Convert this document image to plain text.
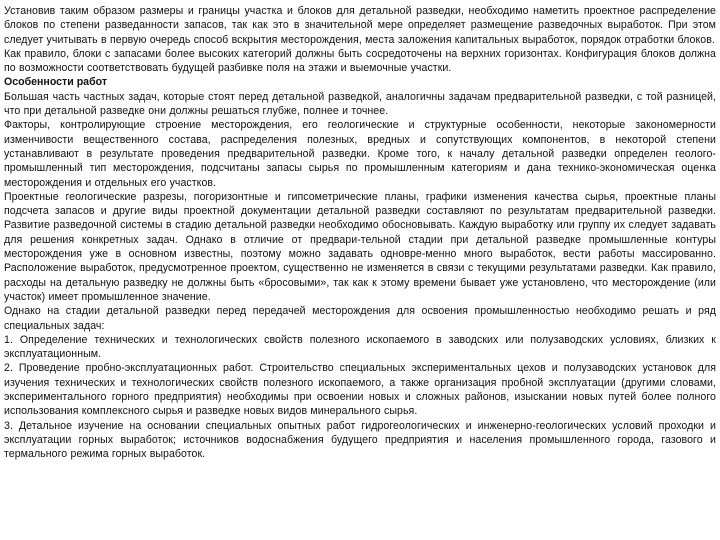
Установив таким образом размеры и границы участка и блоков для детальной разведки, необходимо наметить проектное распределение блоков по степени разведанности запасов, так как это в значительной мере определяет размещение разведочных выработок. При этом следует учитывать в первую очередь способ вскрытия месторождения, места заложения капитальных выработок, порядок отработки блоков.

Как правило, блоки с запасами более высоких категорий должны быть сосредоточены на верхних горизонтах. Конфигурация блоков должна по возможности соответствовать будущей разбивке поля на этажи и выемочные участки.

Особенности работ

Большая часть частных задач, которые стоят перед детальной разведкой, аналогичны задачам предварительной разведки, с той разницей, что при детальной разведке они должны решаться глубже, полнее и точнее.

Факторы, контролирующие строение месторождения, его геологические и структурные особенности, некоторые закономерности изменчивости вещественного состава, распределения полезных, вредных и сопутствующих компонентов, в некоторой степени устанавливают в результате проведения предварительной разведки. Кроме того, к началу детальной разведки определен геолого-промышленный тип месторождения, подсчитаны запасы сырья по промышленным категориям и дана технико-экономическая оценка месторождения и отдельных его участков.

Проектные геологические разрезы, погоризонтные и гипсометрические планы, графики изменения качества сырья, проектные планы подсчета запасов и другие виды проектной документации детальной разведки составляют по результатам предварительной разведки. Развитие разведочной системы в стадию детальной разведки необходимо обосновывать. Каждую выработку или группу их следует задавать для решения конкретных задач. Однако в отличие от предвари-тельной стадии при детальной разведке промышленные контуры месторождения уже в основном известны, поэтому можно задавать одновре-менно много выработок, вести работы массированно. Расположение выработок, предусмотренное проектом, существенно не изменяется в связи с текущими результатами разведки. Как правило, расходы на детальную разведку не должны быть «бросовыми», так как к этому времени бывает уже установлено, что месторождение (или участок) имеет промышленное значение.

Однако на стадии детальной разведки перед передачей месторождения для освоения промышленностью необходимо решать и ряд специальных задач:

1. Определение технических и технологических свойств полезного ископаемого в заводских или полузаводских условиях, близких к эксплуатационным.

2. Проведение пробно-эксплуатационных работ. Строительство специальных экспериментальных цехов и полузаводских установок для изучения технических и технологических свойств полезного ископаемого, а также организация пробной эксплуатации (другими словами, экспериментального горного предприятия) необходимы при освоении новых и сложных районов, изыскании новых путей более полного использования комплексного сырья и разведке новых видов минерального сырья.

3. Детальное изучение на основании специальных опытных работ гидрогеологических и инженерно-геологических условий проходки и эксплуатации горных выработок; источников водоснабжения будущего предприятия и населения промышленного города, газового и термального режима горных выработок.
